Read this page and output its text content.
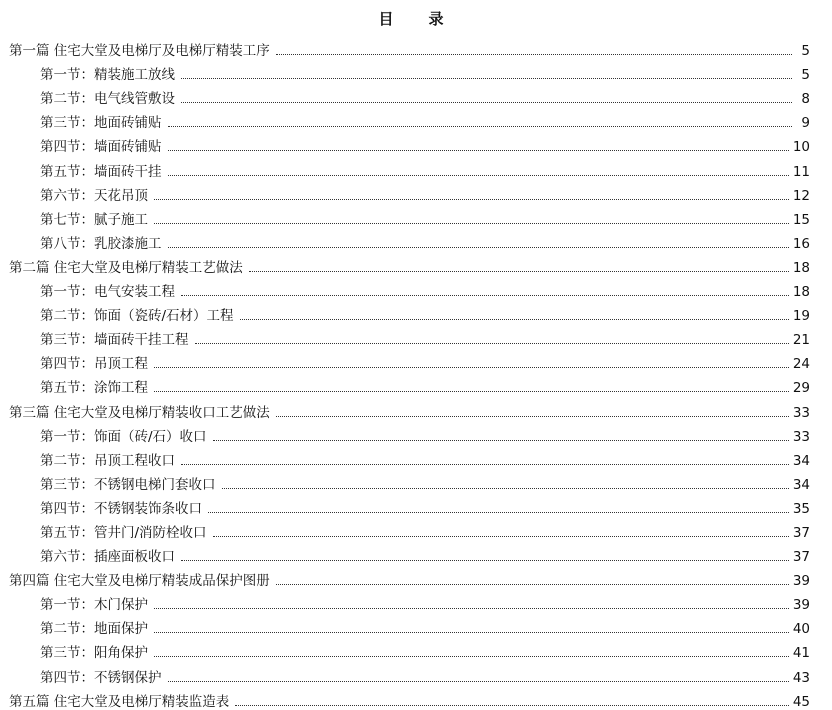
目　录
第一篇 住宅大堂及电梯厅及电梯厅精装工序	5
第一节：精装施工放线	5
第二节：电气线管敷设	8
第三节：地面砖铺贴	9
第四节：墙面砖铺贴	10
第五节：墙面砖干挂	11
第六节：天花吊顶	12
第七节：腻子施工	15
第八节：乳胶漆施工	16
第二篇 住宅大堂及电梯厅精装工艺做法	18
第一节：电气安装工程	18
第二节：饰面（瓷砖/石材）工程	19
第三节：墙面砖干挂工程	21
第四节：吊顶工程	24
第五节：涂饰工程	29
第三篇 住宅大堂及电梯厅精装收口工艺做法	33
第一节：饰面（砖/石）收口	33
第二节：吊顶工程收口	34
第三节：不锈钢电梯门套收口	34
第四节：不锈钢装饰条收口	35
第五节：管井门/消防栓收口	37
第六节：插座面板收口	37
第四篇 住宅大堂及电梯厅精装成品保护图册	39
第一节：木门保护	39
第二节：地面保护	40
第三节：阳角保护	41
第四节：不锈钢保护	43
第五篇 住宅大堂及电梯厅精装监造表	45
